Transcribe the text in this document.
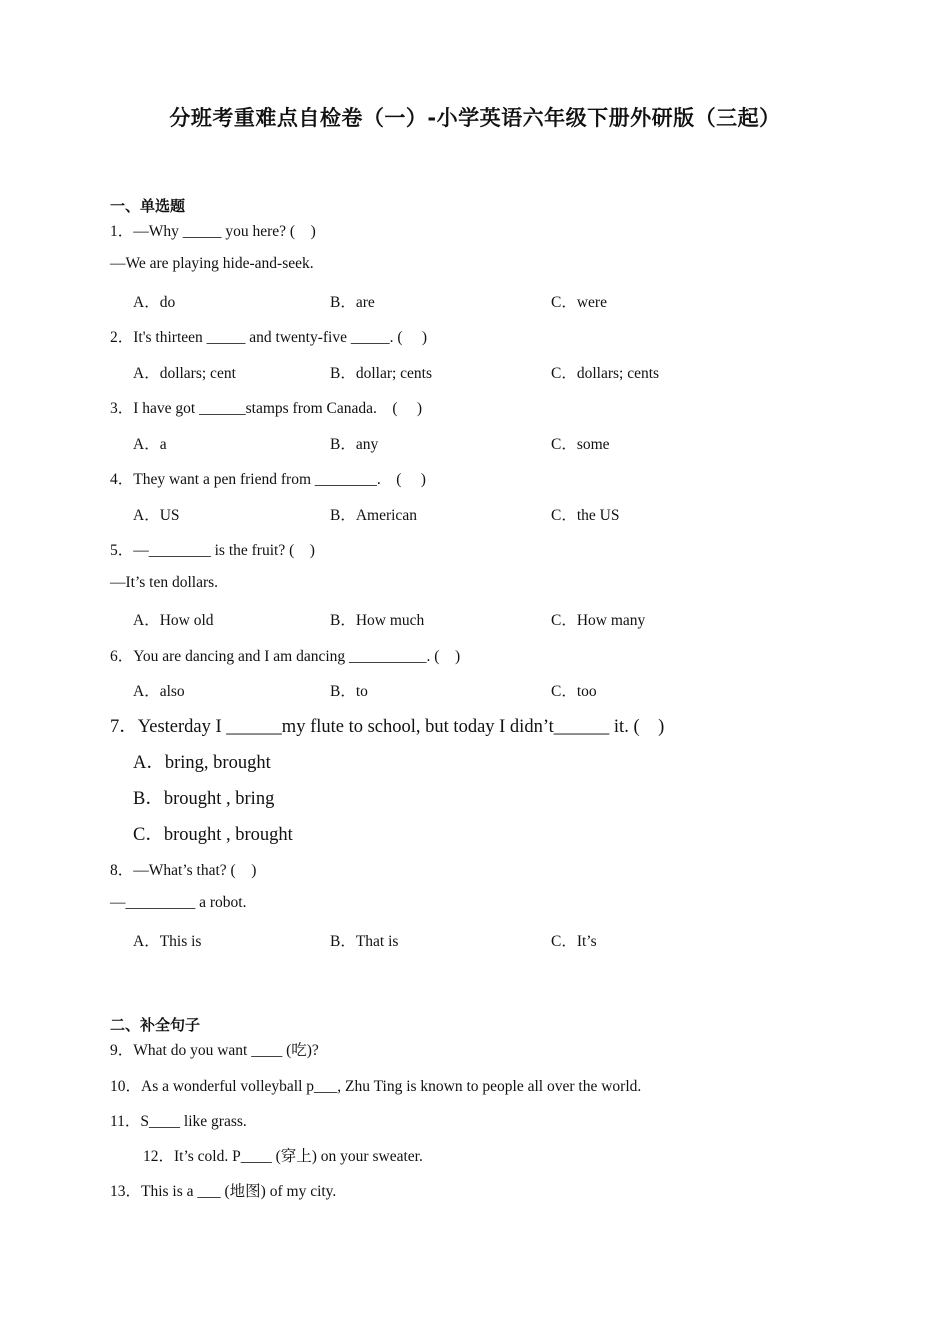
分班考重难点自检卷（一）-小学英语六年级下册外研版（三起）
一、单选题
1．—Why _____ you here? (　)
—We are playing hide-and-seek.
A．do	B．are	C．were
2．It's thirteen _____ and twenty-five _____. (　 )
A．dollars; cent	B．dollar; cents	C．dollars; cents
3．I have got ______stamps from Canada.　(　 )
A．a	B．any	C．some
4．They want a pen friend from ________.　(　 )
A．US	B．American	C．the US
5．—________ is the fruit? (　)
—It’s ten dollars.
A．How old	B．How much	C．How many
6．You are dancing and I am dancing __________. (　)
A．also	B．to	C．too
7．Yesterday I ______my flute to school, but today I didn’t______ it. (　)
A．bring, brought
B．brought , bring
C．brought , brought
8．—What’s that? (　)
—_________ a robot.
A．This is	B．That is	C．It’s
二、补全句子
9．What do you want ____ (吃)?
10．As a wonderful volleyball p___, Zhu Ting is known to people all over the world.
11．S____ like grass.
12．It’s cold. P____ (穿上) on your sweater.
13．This is a ___ (地图) of my city.
